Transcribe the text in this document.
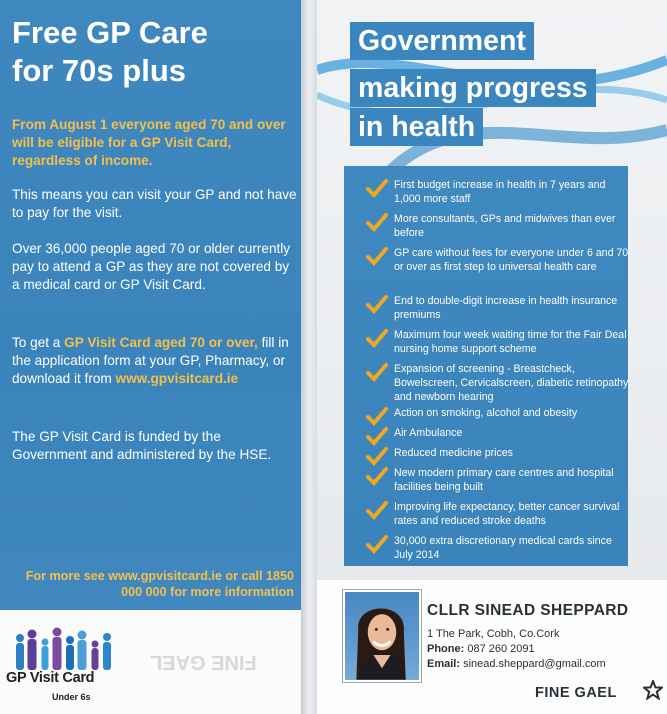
Free GP Care
for 70s plus
From August 1 everyone aged 70 and over will be eligible for a GP Visit Card, regardless of income.
This means you can visit your GP and not have to pay for the visit.
Over 36,000 people aged 70 or older currently pay to attend a GP as they are not covered by a medical card or GP Visit Card.
To get a GP Visit Card aged 70 or over, fill in the application form at your GP, Pharmacy, or download it from www.gpvisitcard.ie
The GP Visit Card is funded by the Government and administered by the HSE.
For more see www.gpvisitcard.ie or call 1850 000 000 for more information
GP Visit Card
Under 6s
FINE GAEL
Government
making progress
in health
First budget increase in health in 7 years and 1,000 more staff
More consultants, GPs and midwives than ever before
GP care without fees for everyone under 6 and 70 or over as first step to universal health care
End to double-digit increase in health insurance premiums
Maximum four week waiting time for the Fair Deal nursing home support scheme
Expansion of screening - Breastcheck, Bowelscreen, Cervicalscreen, diabetic retinopathy and newborn hearing
Action on smoking, alcohol and obesity
Air Ambulance
Reduced medicine prices
New modern primary care centres and hospital facilities being built
Improving life expectancy, better cancer survival rates and reduced stroke deaths
30,000 extra discretionary medical cards since July 2014
CLLR SINEAD SHEPPARD
1 The Park, Cobh, Co.Cork
Phone: 087 260 2091
Email: sinead.sheppard@gmail.com
FINE GAEL
